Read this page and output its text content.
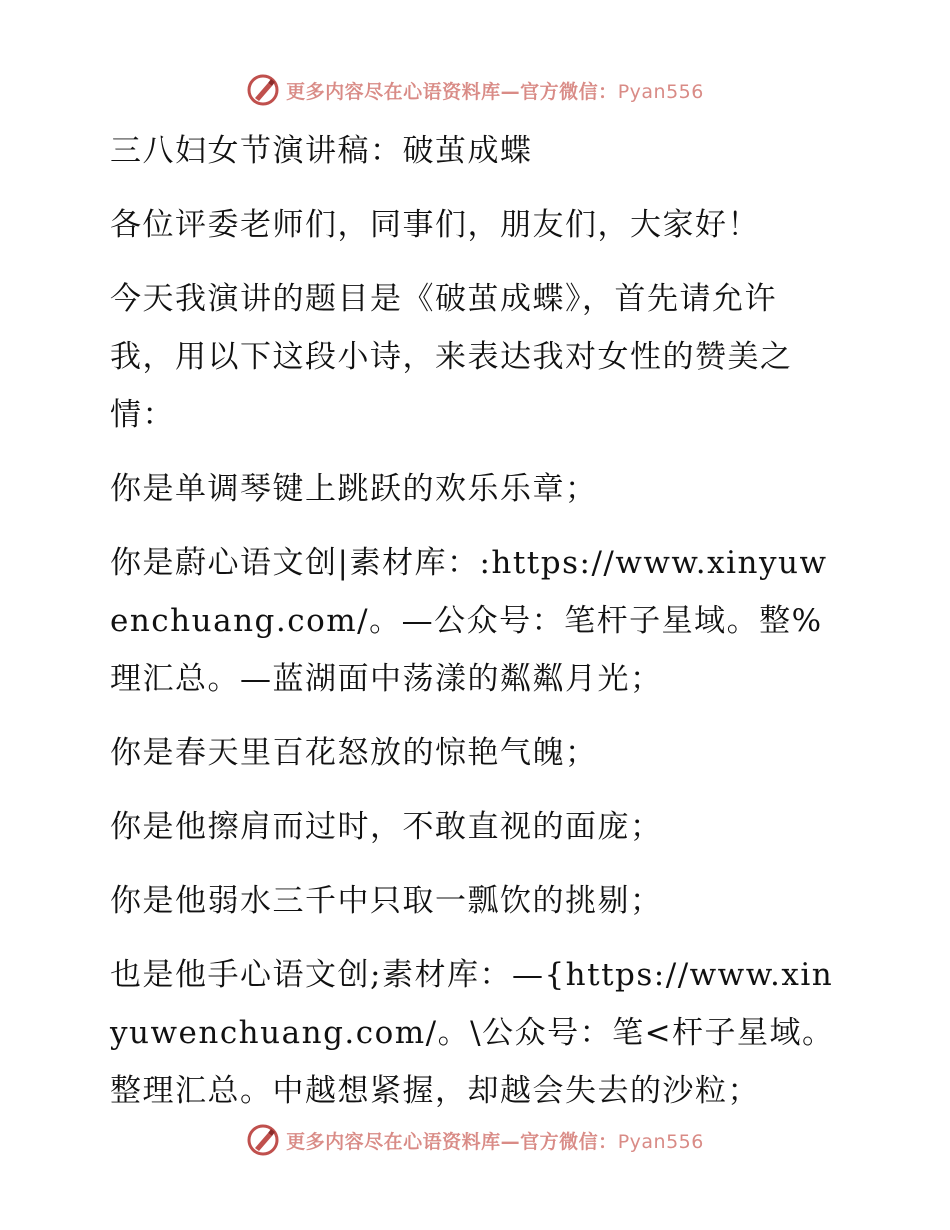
更多内容尽在心语资料库—官方微信：Pyan556

三八妇女节演讲稿：破茧成蝶

各位评委老师们，同事们，朋友们，大家好！

今天我演讲的题目是《破茧成蝶》，首先请允许我，用以下这段小诗，来表达我对女性的赞美之情：

你是单调琴键上跳跃的欢乐乐章；

你是蔚心语文创|素材库：:https://www.xinyuwenchuang.com/。—公众号：笔杆子星域。整%理汇总。—蓝湖面中荡漾的粼粼月光；

你是春天里百花怒放的惊艳气魄；

你是他擦肩而过时，不敢直视的面庞；

你是他弱水三千中只取一瓢饮的挑剔；

也是他手心语文创;素材库：—{https://www.xinyuwenchuang.com/。\公众号：笔<杆子星域。整理汇总。中越想紧握，却越会失去的沙粒；

更多内容尽在心语资料库—官方微信：Pyan556
